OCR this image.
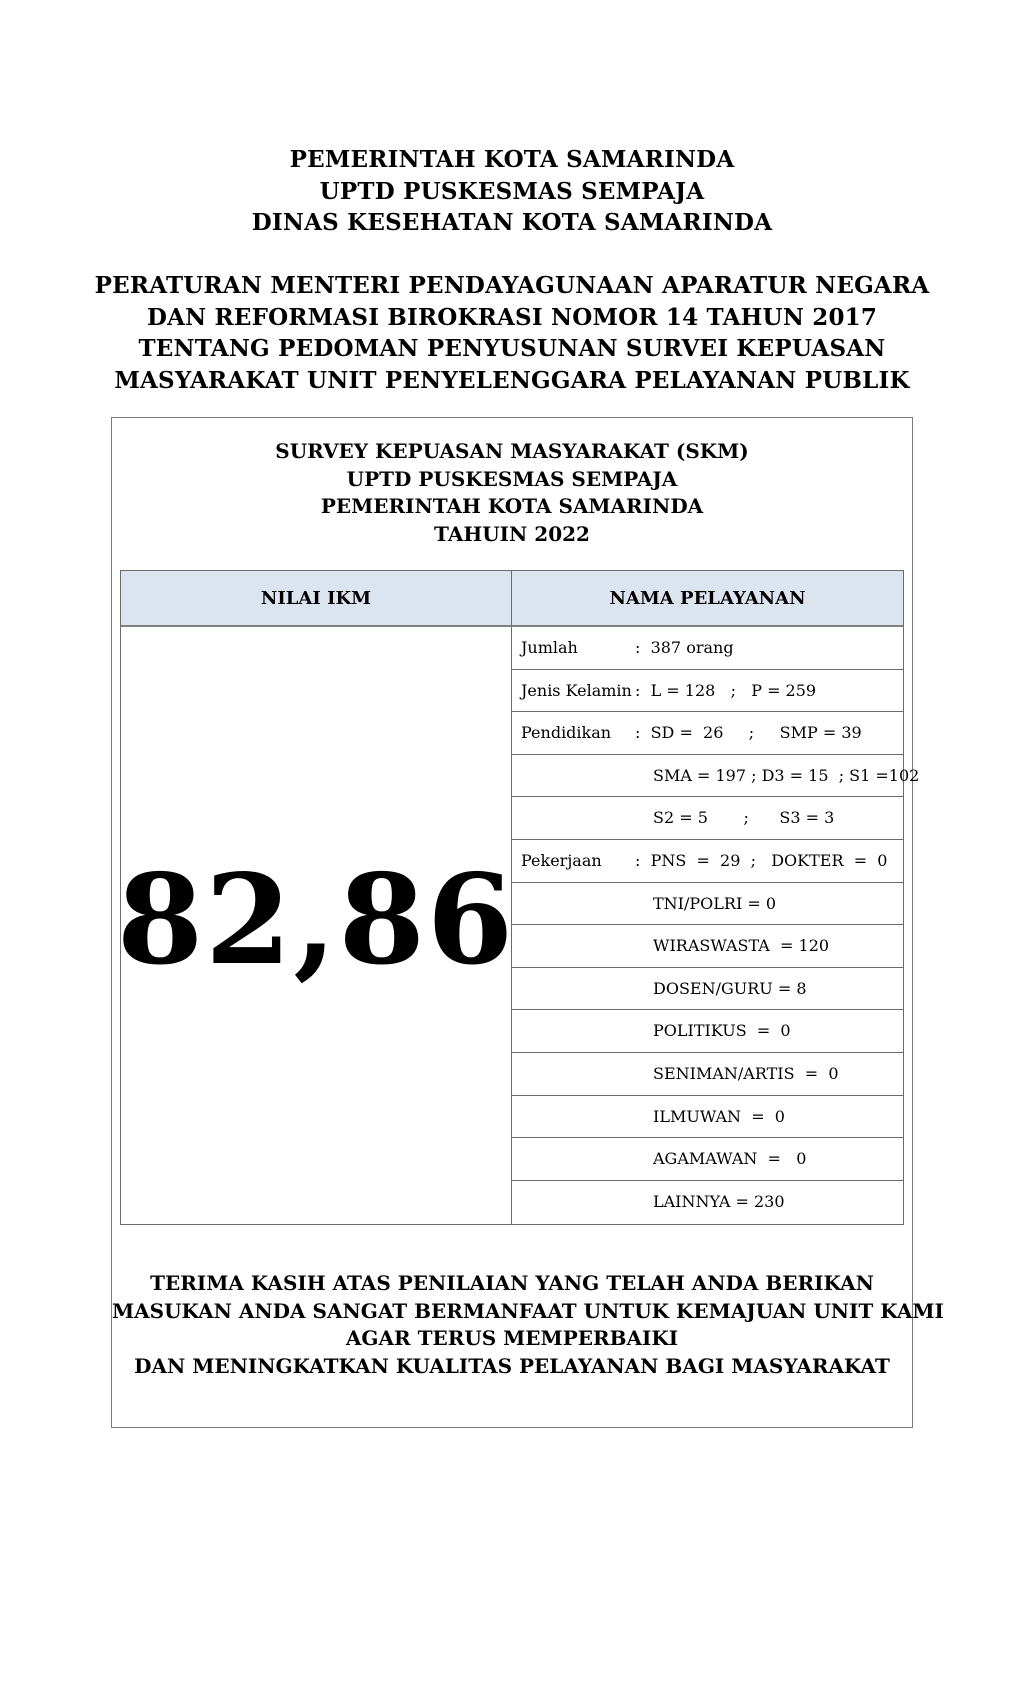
PEMERINTAH KOTA SAMARINDA
UPTD PUSKESMAS SEMPAJA
DINAS KESEHATAN KOTA SAMARINDA
PERATURAN MENTERI PENDAYAGUNAAN APARATUR NEGARA
DAN REFORMASI BIROKRASI NOMOR 14 TAHUN 2017
TENTANG PEDOMAN PENYUSUNAN SURVEI KEPUASAN
MASYARAKAT UNIT PENYELENGGARA PELAYANAN PUBLIK
SURVEY KEPUASAN MASYARAKAT (SKM)
UPTD PUSKESMAS SEMPAJA
PEMERINTAH KOTA SAMARINDA
TAHUIN 2022
NILAI IKM	NAMA PELAYANAN
82,86
Jumlah	:  387 orang
Jenis Kelamin :  L = 128   ;   P = 259
Pendidikan :  SD =  26     ;     SMP = 39
SMA = 197 ; D3 = 15  ; S1 =102
S2 = 5       ;      S3 = 3
Pekerjaan :  PNS  =  29  ;   DOKTER  =  0
TNI/POLRI = 0
WIRASWASTA  = 120
DOSEN/GURU = 8
POLITIKUS  =  0
SENIMAN/ARTIS  =  0
ILMUWAN  =  0
AGAMAWAN  =   0
LAINNYA = 230
TERIMA KASIH ATAS PENILAIAN YANG TELAH ANDA BERIKAN
MASUKAN ANDA SANGAT BERMANFAAT UNTUK KEMAJUAN UNIT KAMI
AGAR TERUS MEMPERBAIKI
DAN MENINGKATKAN KUALITAS PELAYANAN BAGI MASYARAKAT
